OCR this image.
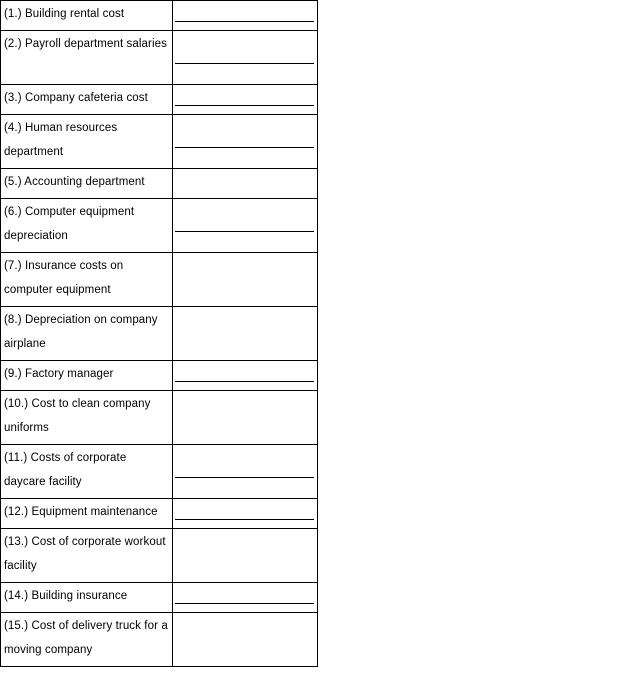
(1.) Building rental cost	

(2.) Payroll department salaries	

(3.) Company cafeteria cost	

(4.) Human resources department	

(5.) Accounting department	
(6.) Computer equipment depreciation	

(7.) Insurance costs on computer equipment	
(8.) Depreciation on company airplane	
(9.) Factory manager	

(10.) Cost to clean company uniforms	
(11.) Costs of corporate daycare facility	

(12.) Equipment maintenance	

(13.) Cost of corporate workout facility	
(14.) Building insurance	

(15.) Cost of delivery truck for a moving company	
